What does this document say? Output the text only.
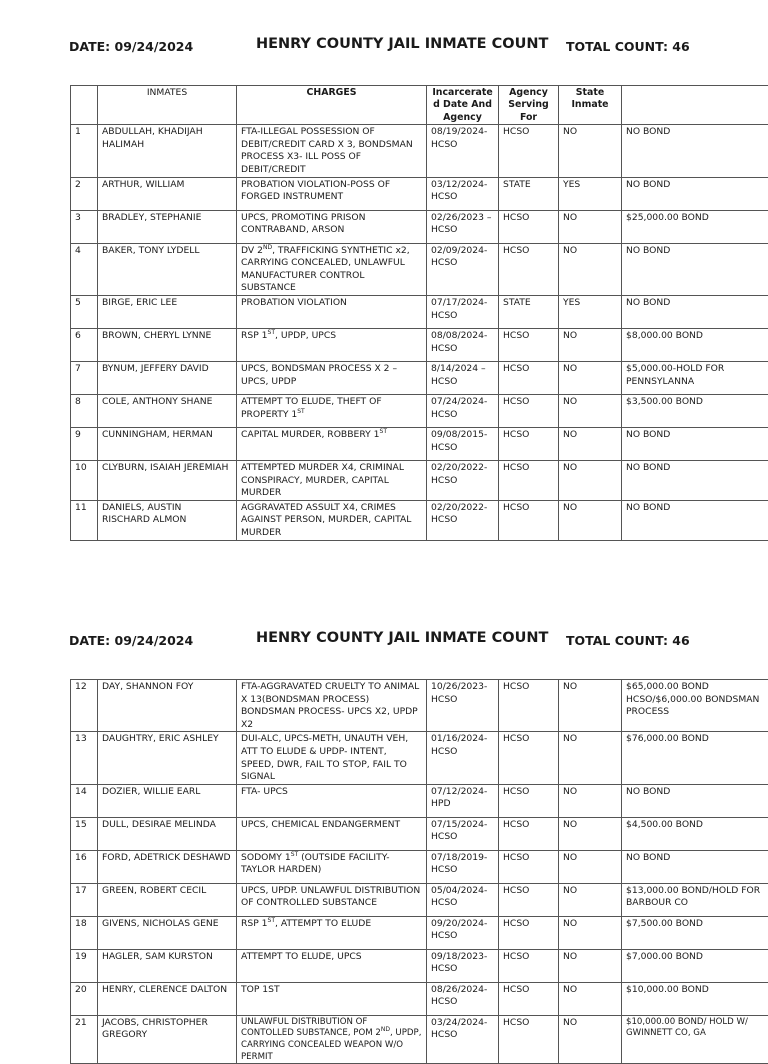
DATE: 09/24/2024	HENRY COUNTY JAIL INMATE COUNT TOTAL COUNT: 46
	INMATES	CHARGES	Incarcerated Date And Agency	Agency Serving For	State Inmate	
1	ABDULLAH, KHADIJAH HALIMAH	FTA-ILLEGAL POSSESSION OF DEBIT/CREDIT CARD X 3, BONDSMAN PROCESS X3- ILL POSS OF DEBIT/CREDIT	08/19/2024-HCSO	HCSO	NO	NO BOND
2	ARTHUR, WILLIAM	PROBATION VIOLATION-POSS OF FORGED INSTRUMENT	03/12/2024-HCSO	STATE	YES	NO BOND
3	BRADLEY, STEPHANIE	UPCS, PROMOTING PRISON CONTRABAND, ARSON	02/26/2023 – HCSO	HCSO	NO	$25,000.00 BOND
4	BAKER, TONY LYDELL	DV 2ND, TRAFFICKING SYNTHETIC x2, CARRYING CONCEALED, UNLAWFUL MANUFACTURER CONTROL SUBSTANCE	02/09/2024-HCSO	HCSO	NO	NO BOND
5	BIRGE, ERIC LEE	PROBATION VIOLATION	07/17/2024-HCSO	STATE	YES	NO BOND
6	BROWN, CHERYL LYNNE	RSP 1ST, UPDP, UPCS	08/08/2024-HCSO	HCSO	NO	$8,000.00 BOND
7	BYNUM, JEFFERY DAVID	UPCS, BONDSMAN PROCESS X 2 – UPCS, UPDP	8/14/2024 – HCSO	HCSO	NO	$5,000.00-HOLD FOR PENNSYLANNA
8	COLE, ANTHONY SHANE	ATTEMPT TO ELUDE, THEFT OF PROPERTY 1ST	07/24/2024-HCSO	HCSO	NO	$3,500.00 BOND
9	CUNNINGHAM, HERMAN	CAPITAL MURDER, ROBBERY 1ST	09/08/2015-HCSO	HCSO	NO	NO BOND
10	CLYBURN, ISAIAH JEREMIAH	ATTEMPTED MURDER X4, CRIMINAL CONSPIRACY, MURDER, CAPITAL MURDER	02/20/2022-HCSO	HCSO	NO	NO BOND
11	DANIELS, AUSTIN RISCHARD ALMON	AGGRAVATED ASSULT X4, CRIMES AGAINST PERSON, MURDER, CAPITAL MURDER	02/20/2022-HCSO	HCSO	NO	NO BOND
DATE: 09/24/2024	HENRY COUNTY JAIL INMATE COUNT TOTAL COUNT: 46
12	DAY, SHANNON FOY	FTA-AGGRAVATED CRUELTY TO ANIMAL X 13(BONDSMAN PROCESS) BONDSMAN PROCESS- UPCS X2, UPDP X2	10/26/2023-HCSO	HCSO	NO	$65,000.00 BOND HCSO/$6,000.00 BONDSMAN PROCESS
13	DAUGHTRY, ERIC ASHLEY	DUI-ALC, UPCS-METH, UNAUTH VEH, ATT TO ELUDE & UPDP- INTENT, SPEED, DWR, FAIL TO STOP, FAIL TO SIGNAL	01/16/2024-HCSO	HCSO	NO	$76,000.00 BOND
14	DOZIER, WILLIE EARL	FTA- UPCS	07/12/2024-HPD	HCSO	NO	NO BOND
15	DULL, DESIRAE MELINDA	UPCS, CHEMICAL ENDANGERMENT	07/15/2024-HCSO	HCSO	NO	$4,500.00 BOND
16	FORD, ADETRICK DESHAWD	SODOMY 1ST (OUTSIDE FACILITY-TAYLOR HARDEN)	07/18/2019-HCSO	HCSO	NO	NO BOND
17	GREEN, ROBERT CECIL	UPCS, UPDP. UNLAWFUL DISTRIBUTION OF CONTROLLED SUBSTANCE	05/04/2024-HCSO	HCSO	NO	$13,000.00 BOND/HOLD FOR BARBOUR CO
18	GIVENS, NICHOLAS GENE	RSP 1ST, ATTEMPT TO ELUDE	09/20/2024-HCSO	HCSO	NO	$7,500.00 BOND
19	HAGLER, SAM KURSTON	ATTEMPT TO ELUDE, UPCS	09/18/2023-HCSO	HCSO	NO	$7,000.00 BOND
20	HENRY, CLERENCE DALTON	TOP 1ST	08/26/2024-HCSO	HCSO	NO	$10,000.00 BOND
21	JACOBS, CHRISTOPHER GREGORY	UNLAWFUL DISTRIBUTION OF CONTOLLED SUBSTANCE, POM 2ND, UPDP, CARRYING CONCEALED WEAPON W/O PERMIT	03/24/2024-HCSO	HCSO	NO	$10,000.00 BOND/ HOLD W/ GWINNETT CO, GA
